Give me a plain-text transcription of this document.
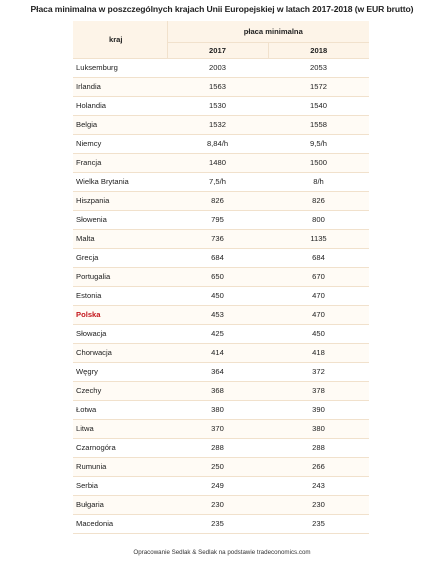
Płaca minimalna w poszczególnych krajach Unii Europejskiej w latach 2017-2018 (w EUR brutto)
kraj	płaca minimalna	
	2017	2018
Luksemburg	2003	2053
Irlandia	1563	1572
Holandia	1530	1540
Belgia	1532	1558
Niemcy	8,84/h	9,5/h
Francja	1480	1500
Wielka Brytania	7,5/h	8/h
Hiszpania	826	826
Słowenia	795	800
Malta	736	1135
Grecja	684	684
Portugalia	650	670
Estonia	450	470
Polska	453	470
Słowacja	425	450
Chorwacja	414	418
Węgry	364	372
Czechy	368	378
Łotwa	380	390
Litwa	370	380
Czarnogóra	288	288
Rumunia	250	266
Serbia	249	243
Bułgaria	230	230
Macedonia	235	235
Opracowanie Sedlak & Sedlak na podstawie tradeconomics.com
